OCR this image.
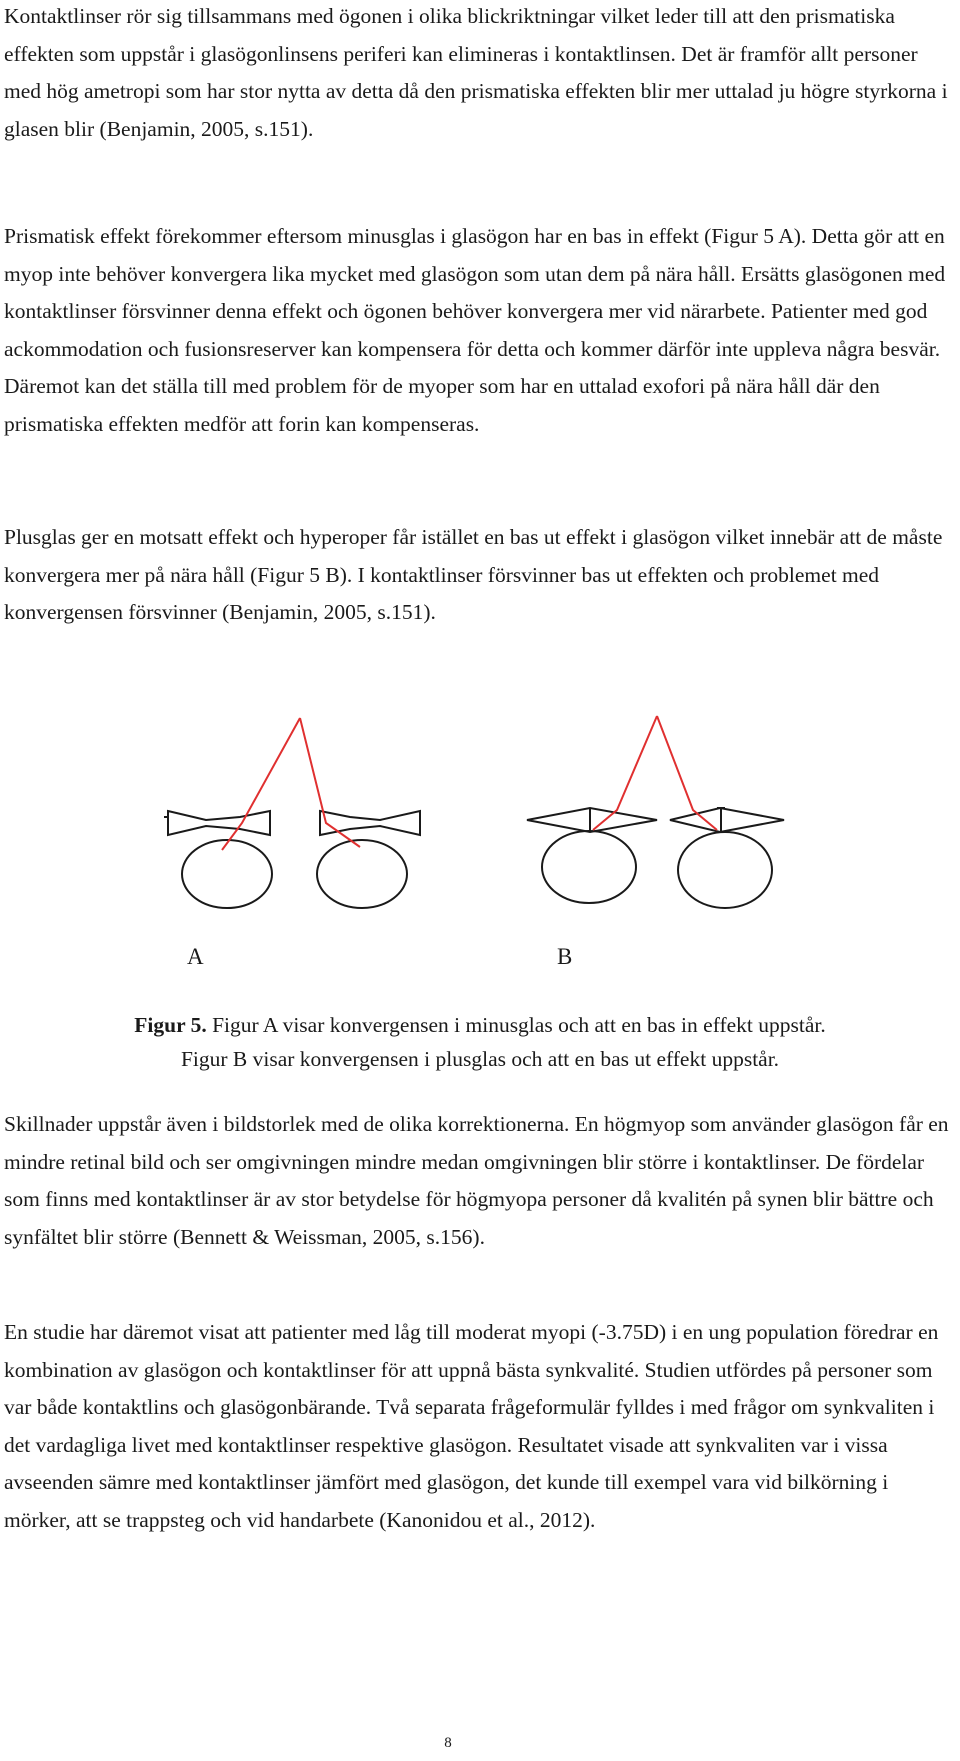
Kontaktlinser rör sig tillsammans med ögonen i olika blickriktningar vilket leder till att den prismatiska effekten som uppstår i glasögonlinsens periferi kan elimineras i kontaktlinsen. Det är framför allt personer med hög ametropi som har stor nytta av detta då den prismatiska effekten blir mer uttalad ju högre styrkorna i glasen blir (Benjamin, 2005, s.151).

Prismatisk effekt förekommer eftersom minusglas i glasögon har en bas in effekt (Figur 5 A). Detta gör att en myop inte behöver konvergera lika mycket med glasögon som utan dem på nära håll. Ersätts glasögonen med kontaktlinser försvinner denna effekt och ögonen behöver konvergera mer vid närarbete. Patienter med god ackommodation och fusionsreserver kan kompensera för detta och kommer därför inte uppleva några besvär. Däremot kan det ställa till med problem för de myoper som har en uttalad exofori på nära håll där den prismatiska effekten medför att forin kan kompenseras.

Plusglas ger en motsatt effekt och hyperoper får istället en bas ut effekt i glasögon vilket innebär att de måste konvergera mer på nära håll (Figur 5 B). I kontaktlinser försvinner bas ut effekten och problemet med konvergensen försvinner (Benjamin, 2005, s.151).

A	B
Figur 5. Figur A visar konvergensen i minusglas och att en bas in effekt uppstår.
Figur B visar konvergensen i plusglas och att en bas ut effekt uppstår.

Skillnader uppstår även i bildstorlek med de olika korrektionerna. En högmyop som använder glasögon får en mindre retinal bild och ser omgivningen mindre medan omgivningen blir större i kontaktlinser. De fördelar som finns med kontaktlinser är av stor betydelse för högmyopa personer då kvalitén på synen blir bättre och synfältet blir större (Bennett & Weissman, 2005, s.156).

En studie har däremot visat att patienter med låg till moderat myopi (-3.75D) i en ung population föredrar en kombination av glasögon och kontaktlinser för att uppnå bästa synkvalité. Studien utfördes på personer som var både kontaktlins och glasögonbärande. Två separata frågeformulär fylldes i med frågor om synkvaliten i det vardagliga livet med kontaktlinser respektive glasögon. Resultatet visade att synkvaliten var i vissa avseenden sämre med kontaktlinser jämfört med glasögon, det kunde till exempel vara vid bilkörning i mörker, att se trappsteg och vid handarbete (Kanonidou et al., 2012).

8
